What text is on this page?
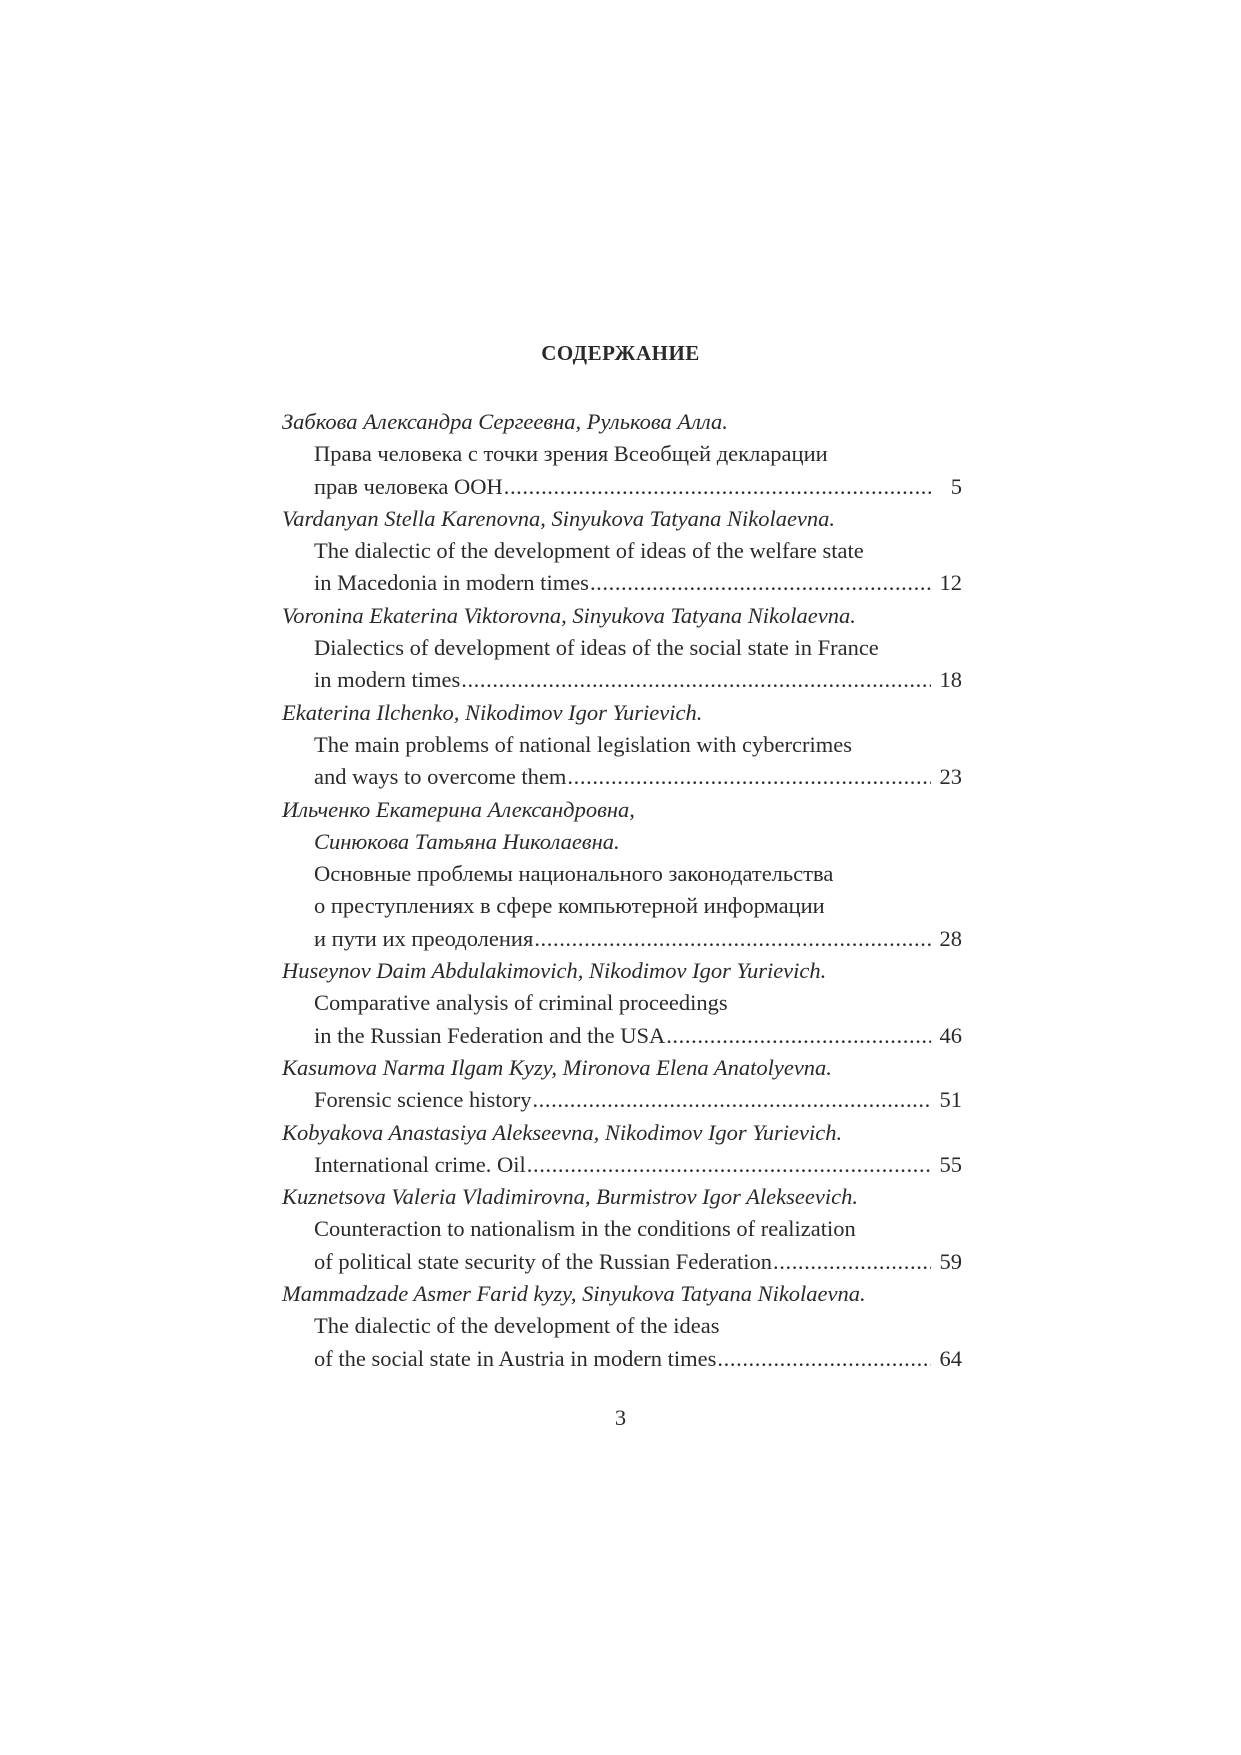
СОДЕРЖАНИЕ
Забкова Александра Сергеевна, Рулькова Алла.
Права человека с точки зрения Всеобщей декларации
прав человека ООН .....	5
Vardanyan Stella Karenovna, Sinyukova Tatyana Nikolaevna.
The dialectic of the development of ideas of the welfare state
in Macedonia in modern times .....	12
Voronina Ekaterina Viktorovna, Sinyukova Tatyana Nikolaevna.
Dialectics of development of ideas of the social state in France
in modern times .....	18
Ekaterina Ilchenko, Nikodimov Igor Yurievich.
The main problems of national legislation with cybercrimes
and ways to overcome them .....	23
Ильченко Екатерина Александровна,
Синюкова Татьяна Николаевна.
Основные проблемы национального законодательства
о преступлениях в сфере компьютерной информации
и пути их преодоления .....	28
Huseynov Daim Abdulakimovich, Nikodimov Igor Yurievich.
Comparative analysis of criminal proceedings
in the Russian Federation and the USA .....	46
Kasumova Narma Ilgam Kyzy, Mironova Elena Anatolyevna.
Forensic science history .....	51
Kobyakova Anastasiya Alekseevna, Nikodimov Igor Yurievich.
International crime. Oil .....	55
Kuznetsova Valeria Vladimirovna, Burmistrov Igor Alekseevich.
Counteraction to nationalism in the conditions of realization
of political state security of the Russian Federation .....	59
Mammadzade Asmer Farid kyzy, Sinyukova Tatyana Nikolaevna.
The dialectic of the development of the ideas
of the social state in Austria in modern times .....	64
3
